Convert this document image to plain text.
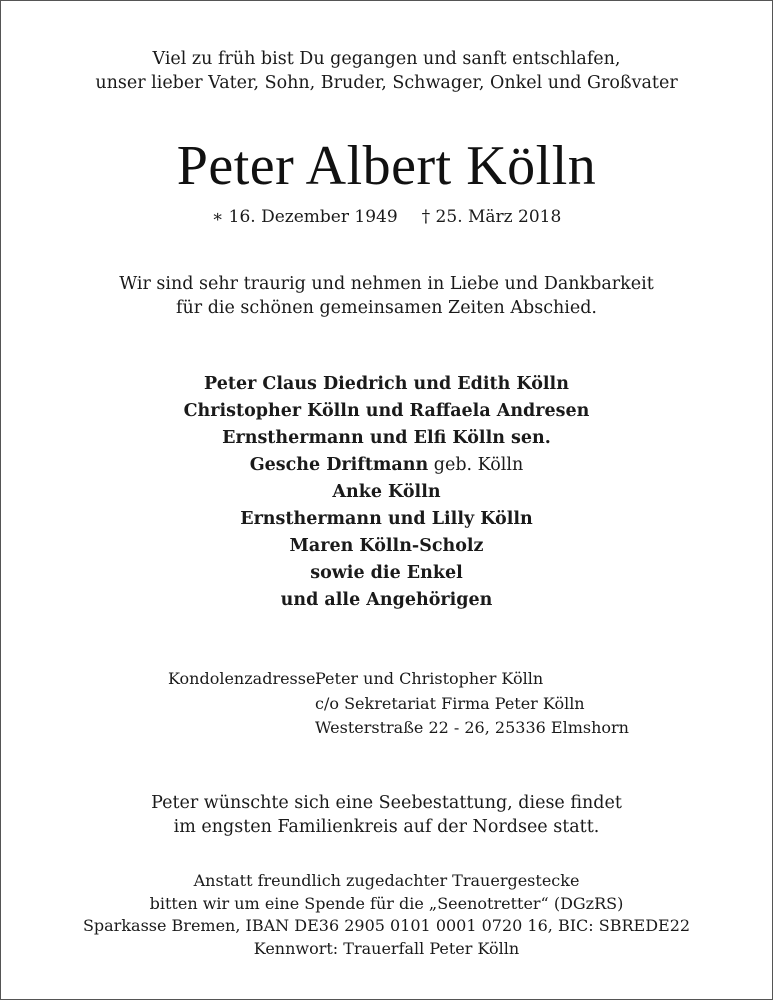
Viel zu früh bist Du gegangen und sanft entschlafen,
unser lieber Vater, Sohn, Bruder, Schwager, Onkel und Großvater
Peter Albert Kölln
∗ 16. Dezember 1949 † 25. März 2018
Wir sind sehr traurig und nehmen in Liebe und Dankbarkeit
für die schönen gemeinsamen Zeiten Abschied.
Peter Claus Diedrich und Edith Kölln
Christopher Kölln und Raffaela Andresen
Ernsthermann und Elfi Kölln sen.
Gesche Driftmann geb. Kölln
Anke Kölln
Ernsthermann und Lilly Kölln
Maren Kölln-Scholz
sowie die Enkel
und alle Angehörigen
Kondolenzadresse:
Peter und Christopher Kölln
c/o Sekretariat Firma Peter Kölln
Westerstraße 22 - 26, 25336 Elmshorn
Peter wünschte sich eine Seebestattung, diese findet
im engsten Familienkreis auf der Nordsee statt.
Anstatt freundlich zugedachter Trauergestecke
bitten wir um eine Spende für die „Seenotretter“ (DGzRS)
Sparkasse Bremen, IBAN DE36 2905 0101 0001 0720 16, BIC: SBREDE22
Kennwort: Trauerfall Peter Kölln
